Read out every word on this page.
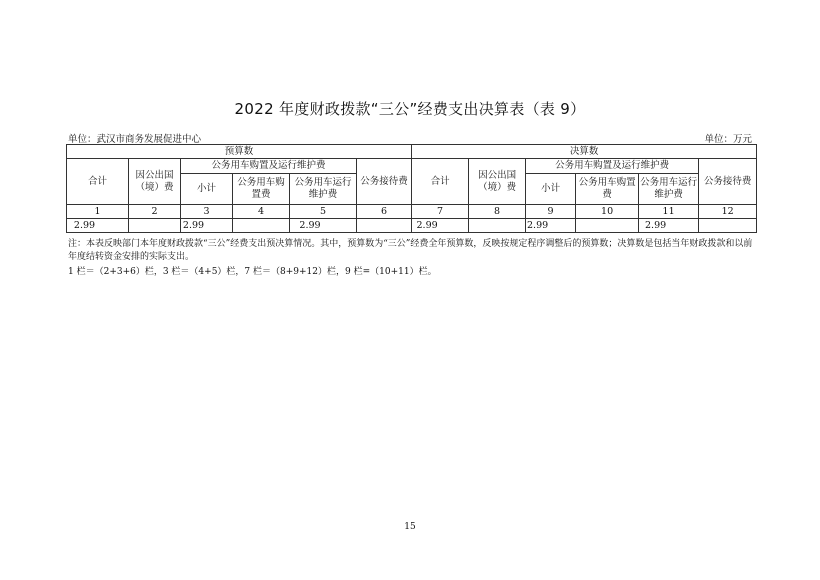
2022 年度财政拨款“三公”经费支出决算表（表 9）
单位：武汉市商务发展促进中心	单位：万元
预算数						决算数					
合计	因公出国（境）费	公务用车购置及运行维护费			公务接待费	合计	因公出国（境）费	公务用车购置及运行维护费			公务接待费
		小计	公务用车购置费	公务用车运行维护费				小计	公务用车购置费	公务用车运行维护费	
1	2	3	4	5	6	7	8	9	10	11	12
2.99		2.99		2.99		2.99		2.99		2.99	
注：本表反映部门本年度财政拨款“三公”经费支出预决算情况。其中，预算数为“三公”经费全年预算数，反映按规定程序调整后的预算数；决算数是包括当年财政拨款和以前年度结转资金安排的实际支出。
1 栏＝（2+3+6）栏，3 栏＝（4+5）栏，7 栏＝（8+9+12）栏，9 栏=（10+11）栏。
15
